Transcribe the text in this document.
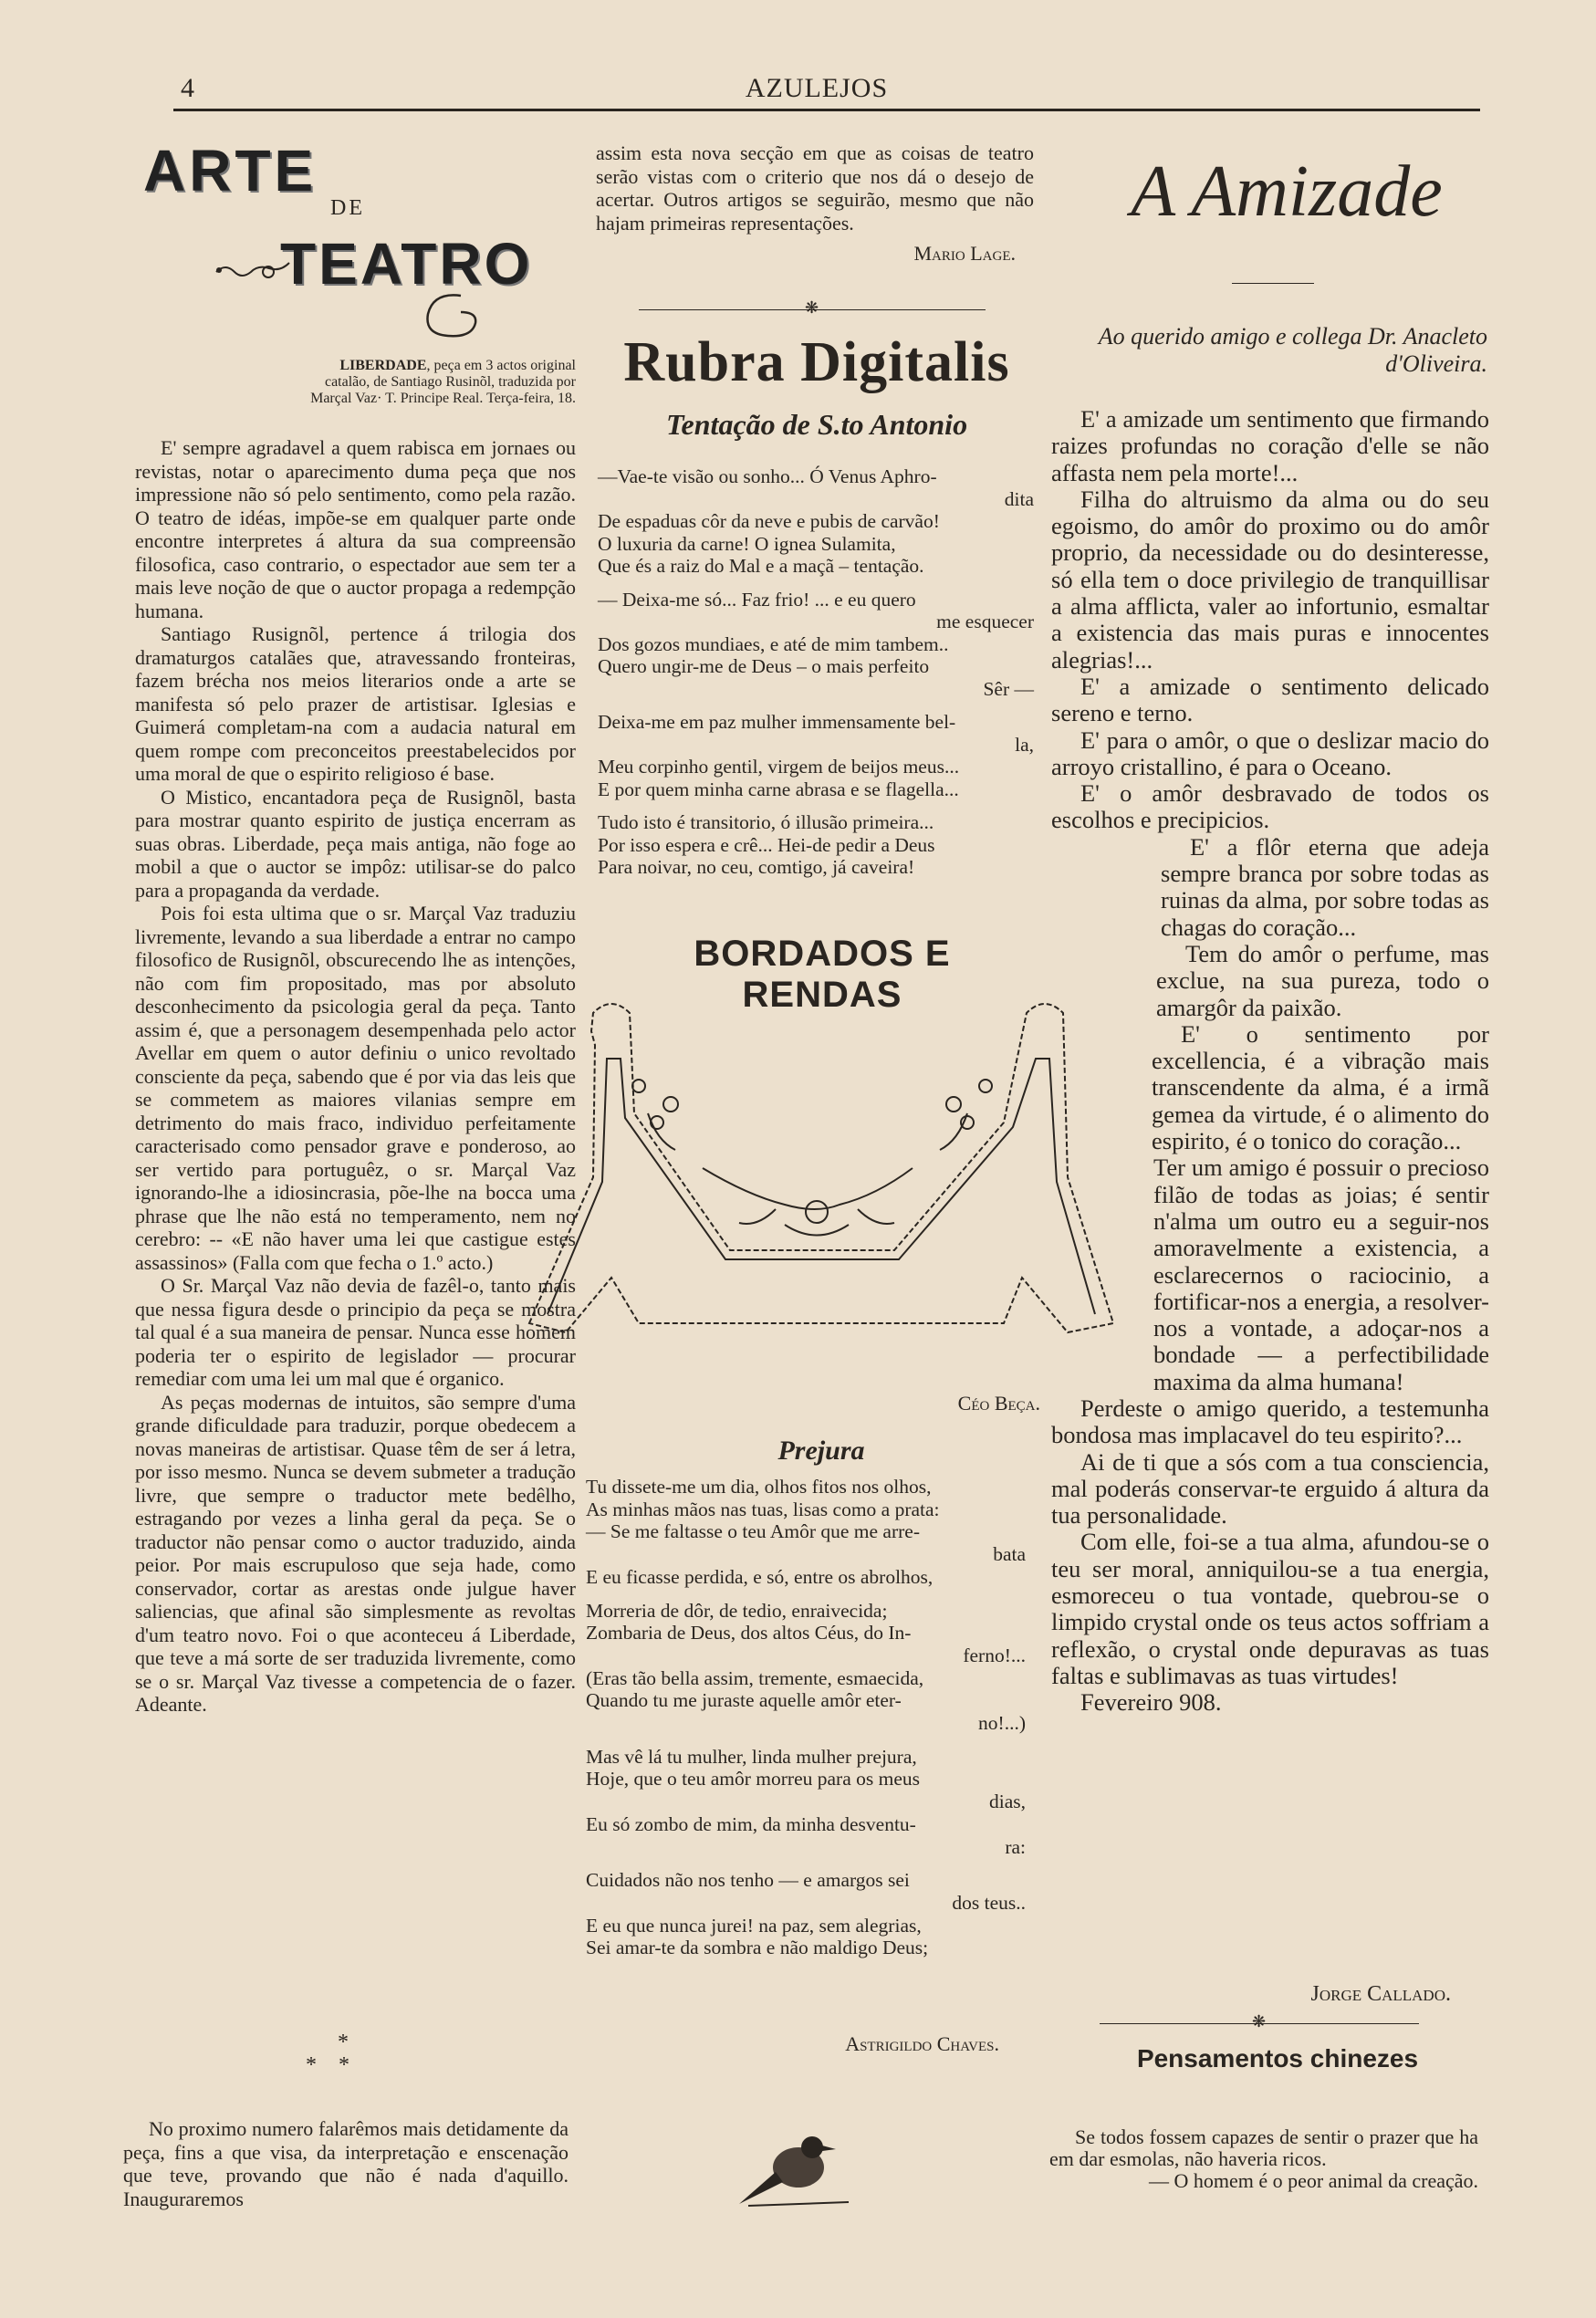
4	AZULEJOS
ARTE
DE
TEATRO
LIBERDADE, peça em 3 actos original catalão, de Santiago Rusinõl, traduzida por Marçal Vaz· T. Principe Real. Terça-feira, 18.

E' sempre agradavel a quem rabisca em jornaes ou revistas, notar o aparecimento duma peça que nos impressione não só pelo sentimento, como pela razão. O teatro de idéas, impõe-se em qualquer parte onde encontre interpretes á altura da sua compreensão filosofica, caso contrario, o espectador aue sem ter a mais leve noção de que o auctor propaga a redempção humana.

Santiago Rusignõl, pertence á trilogia dos dramaturgos catalães que, atravessando fronteiras, fazem brécha nos meios literarios onde a arte se manifesta só pelo prazer de artistisar. Iglesias e Guimerá completam-na com a audacia natural em quem rompe com preconceitos preestabelecidos por uma moral de que o espirito religioso é base.

O Mistico, encantadora peça de Rusignõl, basta para mostrar quanto espirito de justiça encerram as suas obras. Liberdade, peça mais antiga, não foge ao mobil a que o auctor se impôz: utilisar-se do palco para a propaganda da verdade.

Pois foi esta ultima que o sr. Marçal Vaz traduziu livremente, levando a sua liberdade a entrar no campo filosofico de Rusignõl, obscurecendo lhe as intenções, não com fim propositado, mas por absoluto desconhecimento da psicologia geral da peça. Tanto assim é, que a personagem desempenhada pelo actor Avellar em quem o autor definiu o unico revoltado consciente da peça, sabendo que é por via das leis que se commetem as maiores vilanias sempre em detrimento do mais fraco, individuo perfeitamente caracterisado como pensador grave e ponderoso, ao ser vertido para portuguêz, o sr. Marçal Vaz ignorando-lhe a idiosincrasia, põe-lhe na bocca uma phrase que lhe não está no temperamento, nem no cerebro: -- «E não haver uma lei que castigue estes assassinos» (Falla com que fecha o 1.º acto.)

O Sr. Marçal Vaz não devia de fazêl-o, tanto mais que nessa figura desde o principio da peça se mostra tal qual é a sua maneira de pensar. Nunca esse homem poderia ter o espirito de legislador — procurar remediar com uma lei um mal que é organico.

As peças modernas de intuitos, são sempre d'uma grande dificuldade para traduzir, porque obedecem a novas maneiras de artistisar. Quase têm de ser á letra, por isso mesmo. Nunca se devem submeter a tradução livre, que sempre o traductor mete bedêlho, estragando por vezes a linha geral da peça. Se o traductor não pensar como o auctor traduzido, ainda peior. Por mais escrupuloso que seja hade, como conservador, cortar as arestas onde julgue haver saliencias, que afinal são simplesmente as revoltas d'um teatro novo. Foi o que aconteceu á Liberdade, que teve a má sorte de ser traduzida livremente, como se o sr. Marçal Vaz tivesse a competencia de o fazer. Adeante.

*
*    *

No proximo numero falarêmos mais detidamente da peça, fins a que visa, da interpretação e enscenação que teve, provando que não é nada d'aquillo. Inauguraremos

assim esta nova secção em que as coisas de teatro serão vistas com o criterio que nos dá o desejo de acertar. Outros artigos se seguirão, mesmo que não hajam primeiras representações.

Mario Lage.
❋
Rubra Digitalis
Tentação de S.to Antonio

—Vae-te visão ou sonho... Ó Venus Aphro-

dita

De espaduas côr da neve e pubis de carvão!

O luxuria da carne! O ignea Sulamita,

Que és a raiz do Mal e a maçã – tentação.

— Deixa-me só... Faz frio! ... e eu quero

me esquecer

Dos gozos mundiaes, e até de mim tambem..

Quero ungir-me de Deus – o mais perfeito

Sêr —

Deixa-me em paz mulher immensamente bel-

la,

Meu corpinho gentil, virgem de beijos meus...

E por quem minha carne abrasa e se flagella...

Tudo isto é transitorio, ó illusão primeira...

Por isso espera e crê... Hei-de pedir a Deus

Para noivar, no ceu, comtigo, já caveira!

BORDADOS E RENDAS
Céo Beça.
Prejura

Tu dissete-me um dia, olhos fitos nos olhos,

As minhas mãos nas tuas, lisas como a prata:

— Se me faltasse o teu Amôr que me arre-

bata

E eu ficasse perdida, e só, entre os abrolhos,

Morreria de dôr, de tedio, enraivecida;

Zombaria de Deus, dos altos Céus, do In-

ferno!...

(Eras tão bella assim, tremente, esmaecida,

Quando tu me juraste aquelle amôr eter-

no!...)

Mas vê lá tu mulher, linda mulher prejura,

Hoje, que o teu amôr morreu para os meus

dias,

Eu só zombo de mim, da minha desventu-

ra:

Cuidados não nos tenho — e amargos sei

dos teus..

E eu que nunca jurei! na paz, sem alegrias,

Sei amar-te da sombra e não maldigo Deus;

Astrigildo Chaves.
A Amizade
Ao querido amigo e collega Dr. Anacleto d'Oliveira.

E' a amizade um sentimento que firmando raizes profundas no coração d'elle se não affasta nem pela morte!...

Filha do altruismo da alma ou do seu egoismo, do amôr do proximo ou do amôr proprio, da necessidade ou do desinteresse, só ella tem o doce privilegio de tranquillisar a alma afflicta, valer ao infortunio, esmaltar a existencia das mais puras e innocentes alegrias!...

E' a amizade o sentimento delicado sereno e terno.

E' para o amôr, o que o deslizar macio do arroyo cristallino, é para o Oceano.

E' o amôr desbravado de todos os escolhos e precipicios.

E' a flôr eterna que adeja sempre branca por sobre todas as ruinas da alma, por sobre todas as chagas do coração...

Tem do amôr o perfume, mas exclue, na sua pureza, todo o amargôr da paixão.

E' o sentimento por excellencia, é a vibração mais transcendente da alma, é a irmã gemea da virtude, é o alimento do espirito, é o tonico do coração...

Ter um amigo é possuir o precioso filão de todas as joias; é sentir n'alma um outro eu a seguir-nos amoravelmente a existencia, a esclarecernos o raciocinio, a fortificar-nos a energia, a resolver-nos a vontade, a adoçar-nos a bondade — a perfectibilidade maxima da alma humana!

Perdeste o amigo querido, a testemunha bondosa mas implacavel do teu espirito?...

Ai de ti que a sós com a tua consciencia, mal poderás conservar-te erguido á altura da tua personalidade.

Com elle, foi-se a tua alma, afundou-se o teu ser moral, anniquilou-se a tua energia, esmoreceu o tua vontade, quebrou-se o limpido crystal onde os teus actos soffriam a reflexão, o crystal onde depuravas as tuas faltas e sublimavas as tuas virtudes!

Fevereiro 908.

Jorge Callado.
❋
Pensamentos chinezes

Se todos fossem capazes de sentir o prazer que ha em dar esmolas, não haveria ricos.

— O homem é o peor animal da creação.
